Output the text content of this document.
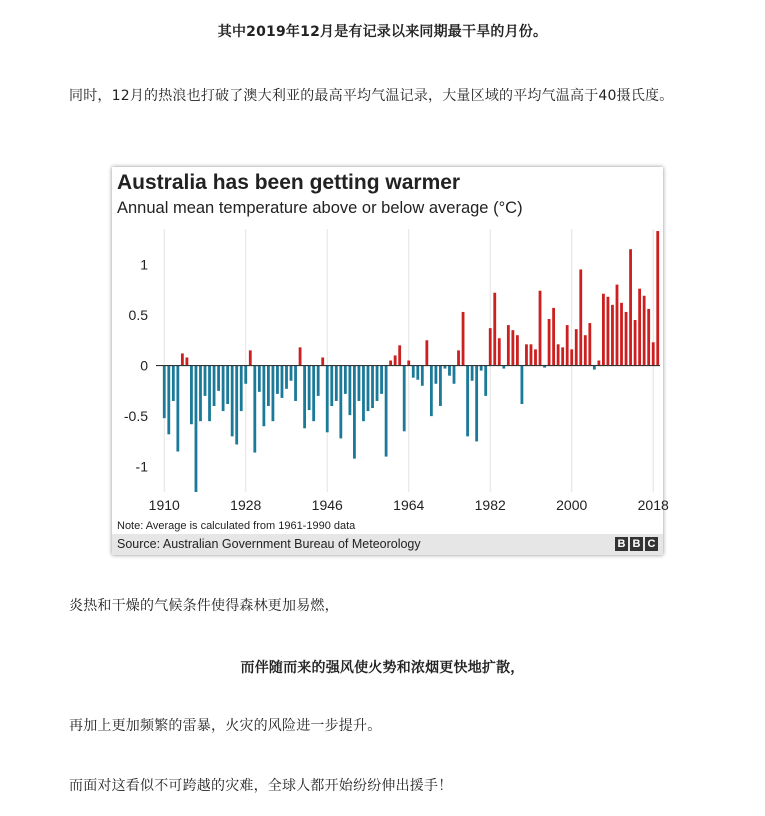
其中2019年12月是有记录以来同期最干旱的月份。
同时，12月的热浪也打破了澳大利亚的最高平均气温记录，大量区域的平均气温高于40摄氏度。
Australia has been getting warmer
Annual mean temperature above or below average (°C)
1910	1928	1946	1964	1982	2000	2018
1
0.5
0
-0.5
-1
Note: Average is calculated from 1961-1990 data
Source: Australian Government Bureau of Meteorology	B B C
炎热和干燥的气候条件使得森林更加易燃，
而伴随而来的强风使火势和浓烟更快地扩散，
再加上更加频繁的雷暴，火灾的风险进一步提升。
而面对这看似不可跨越的灾难，全球人都开始纷纷伸出援手！
